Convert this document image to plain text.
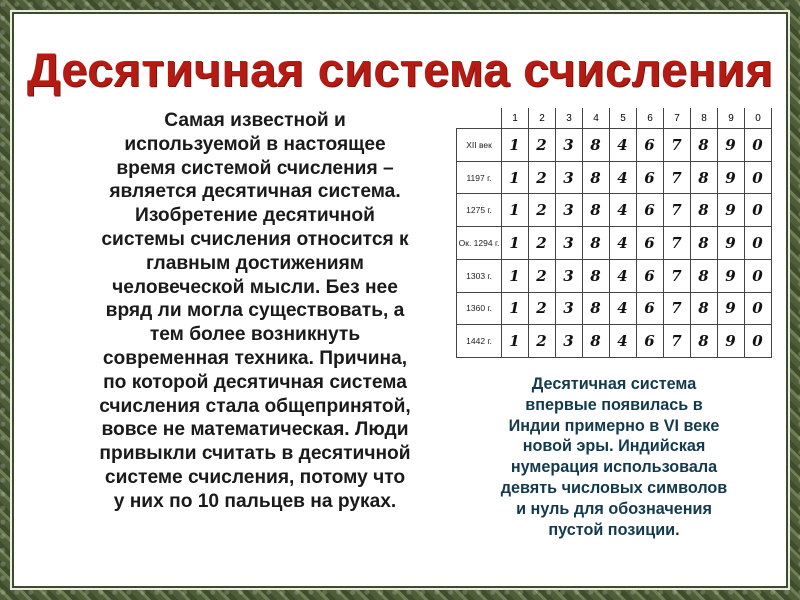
Десятичная система счисления
Самая известной и
используемой в настоящее
время системой счисления –
является десятичная система.
Изобретение десятичной
системы счисления относится к
главным достижениям
человеческой мысли. Без нее
вряд ли могла существовать, а
тем более возникнуть
современная техника. Причина,
по которой десятичная система
счисления стала общепринятой,
вовсе не математическая. Люди
привыкли считать в десятичной
системе счисления, потому что
у них по 10 пальцев на руках.
	1	2	3	4	5	6	7	8	9	0
XII век	1	2	3	8	4	6	7	8	9	0
1197 г.	1	2	3	8	4	6	7	8	9	0
1275 г.	1	2	3	8	4	6	7	8	9	0
Ок. 1294 г.	1	2	3	8	4	6	7	8	9	0
1303 г.	1	2	3	8	4	6	7	8	9	0
1360 г.	1	2	3	8	4	6	7	8	9	0
1442 г.	1	2	3	8	4	6	7	8	9	0
Десятичная система
впервые появилась в
Индии примерно в VI веке
новой эры. Индийская
нумерация использовала
девять числовых символов
и нуль для обозначения
пустой позиции.
